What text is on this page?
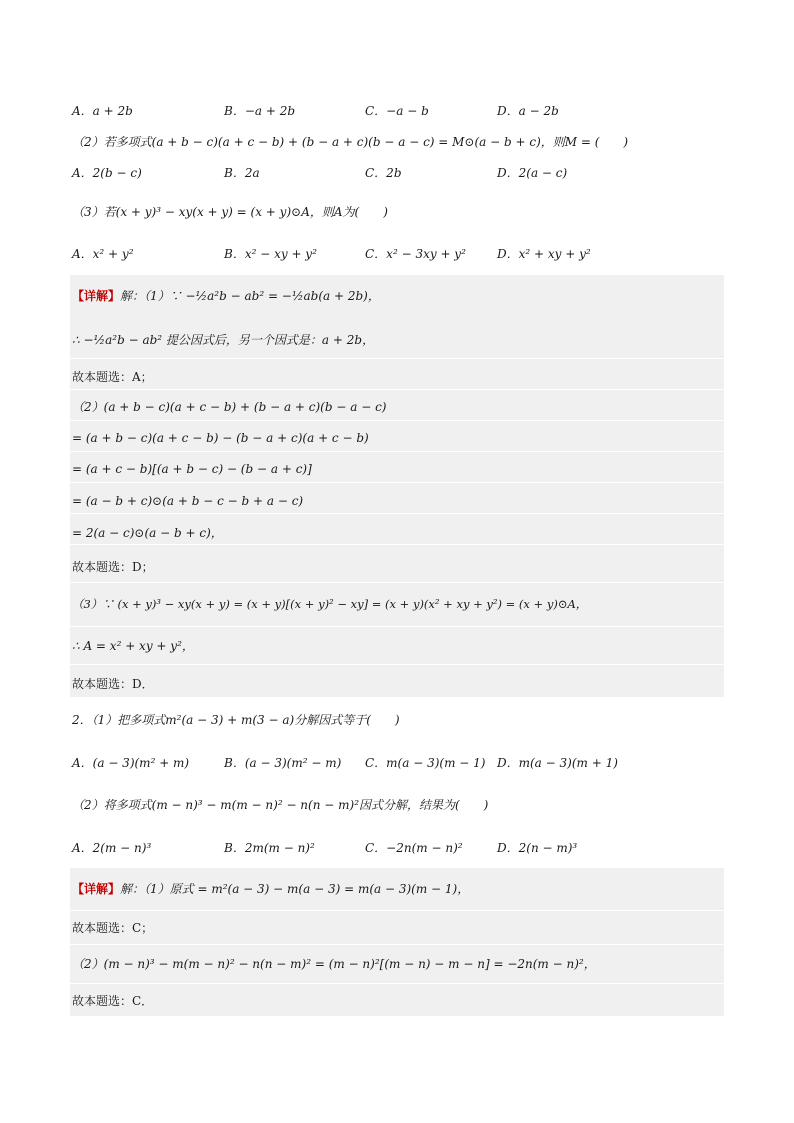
A．a + 2b	B．−a + 2b	C．−a − b	D．a − 2b
（2）若多项式(a + b − c)(a + c − b) + (b − a + c)(b − a − c) = M⊙(a − b + c)，则M = (　　)
A．2(b − c)	B．2a	C．2b	D．2(a − c)
（3）若(x + y)³ − xy(x + y) = (x + y)⊙A，则A为(　　)
A．x² + y²	B．x² − xy + y²	C．x² − 3xy + y²	D．x² + xy + y²
【详解】解：（1）∵ −½a²b − ab² = −½ab(a + 2b)，
∴ −½a²b − ab² 提公因式后，另一个因式是：a + 2b，
故本题选：A；
（2）(a + b − c)(a + c − b) + (b − a + c)(b − a − c)
= (a + b − c)(a + c − b) − (b − a + c)(a + c − b)
= (a + c − b)[(a + b − c) − (b − a + c)]
= (a − b + c)⊙(a + b − c − b + a − c)
= 2(a − c)⊙(a − b + c)，
故本题选：D；
（3）∵ (x + y)³ − xy(x + y) = (x + y)[(x + y)² − xy] = (x + y)(x² + xy + y²) = (x + y)⊙A，
∴ A = x² + xy + y²，
故本题选：D．
2．（1）把多项式m²(a − 3) + m(3 − a)分解因式等于(　　)
A．(a − 3)(m² + m)	B．(a − 3)(m² − m) C．m(a − 3)(m − 1) D．m(a − 3)(m + 1)
（2）将多项式(m − n)³ − m(m − n)² − n(n − m)²因式分解，结果为(　　)
A．2(m − n)³	B．2m(m − n)²	C．−2n(m − n)²	D．2(n − m)³
【详解】解：（1）原式 = m²(a − 3) − m(a − 3) = m(a − 3)(m − 1)，
故本题选：C；
（2）(m − n)³ − m(m − n)² − n(n − m)² = (m − n)²[(m − n) − m − n] = −2n(m − n)²，
故本题选：C．
